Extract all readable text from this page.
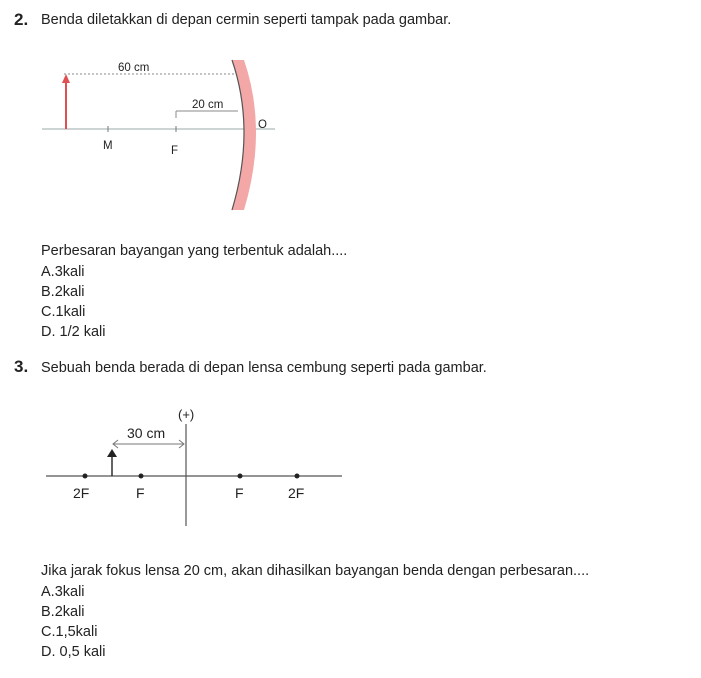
2. Benda diletakkan di depan cermin seperti tampak pada gambar.
60 cm
20 cm
O
M	F
Perbesaran bayangan yang terbentuk adalah....
A.3kali
B.2kali
C.1kali
D. 1/2 kali
3. Sebuah benda berada di depan lensa cembung seperti pada gambar.
(+)
30 cm
2F	F	F	2F
Jika jarak fokus lensa 20 cm, akan dihasilkan bayangan benda dengan perbesaran....
A.3kali
B.2kali
C.1,5kali
D. 0,5 kali
